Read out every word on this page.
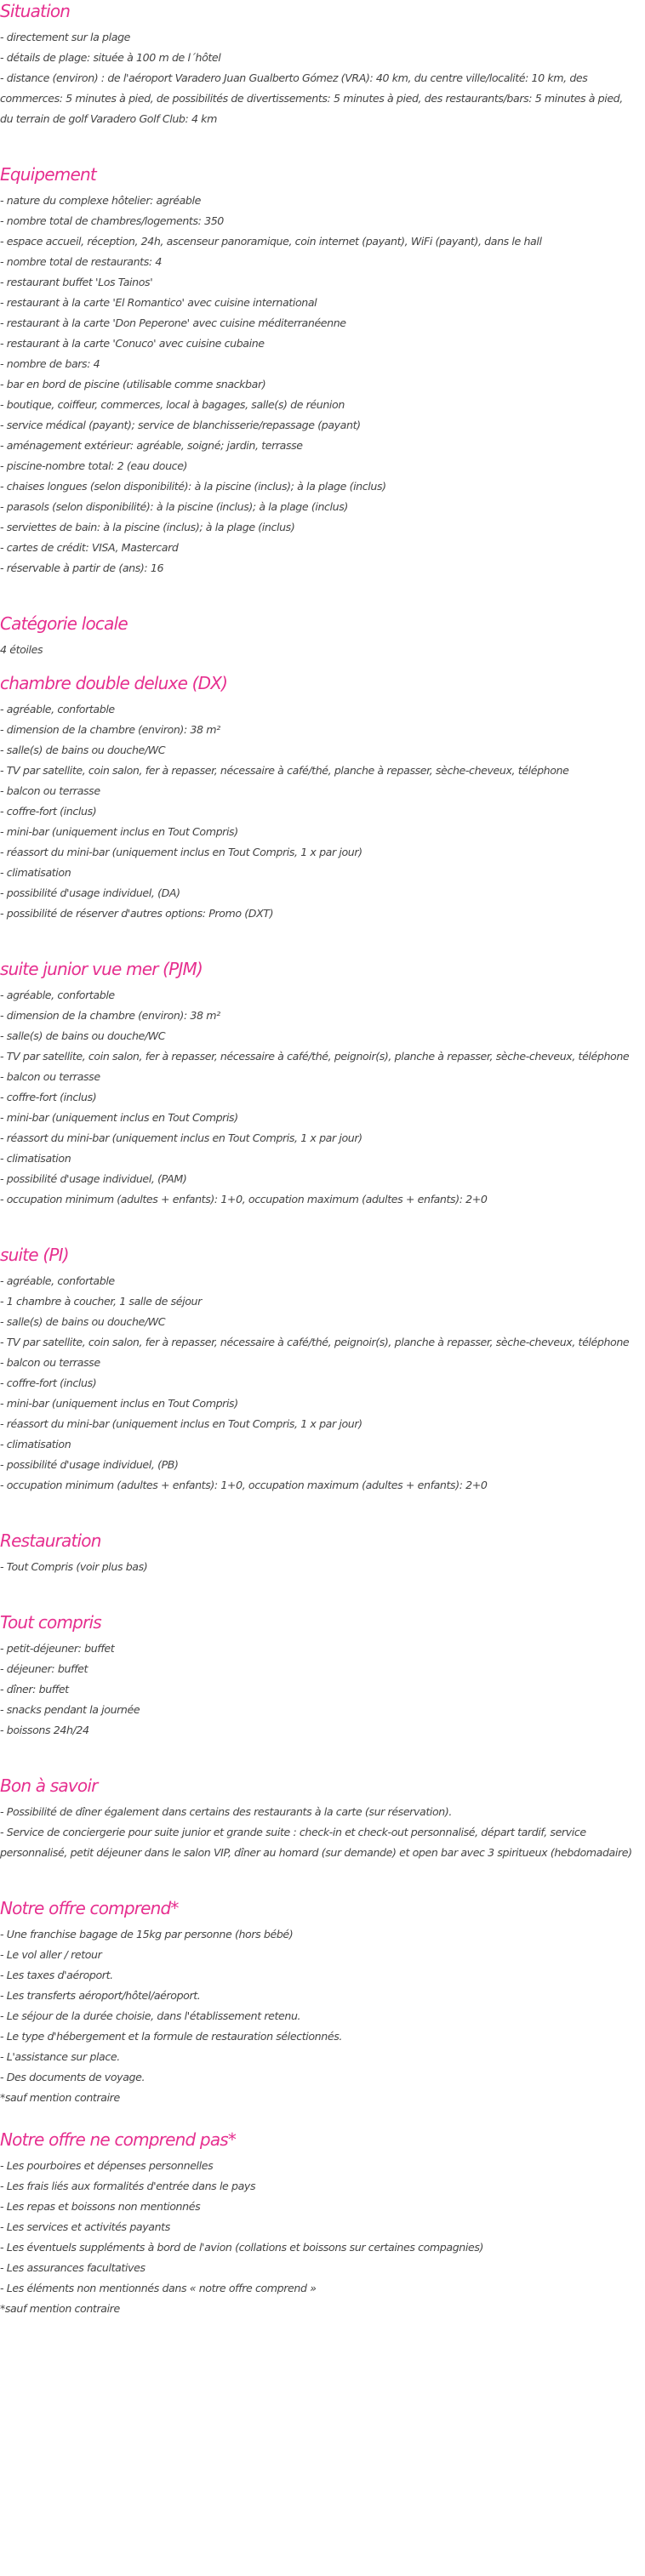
Situation
- directement sur la plage
- détails de plage: située à 100 m de l´hôtel
- distance (environ) : de l'aéroport Varadero Juan Gualberto Gómez (VRA): 40 km, du centre ville/localité: 10 km, des commerces: 5 minutes à pied, de possibilités de divertissements: 5 minutes à pied, des restaurants/bars: 5 minutes à pied, du terrain de golf Varadero Golf Club: 4 km
Equipement
- nature du complexe hôtelier: agréable
- nombre total de chambres/logements: 350
- espace accueil, réception, 24h, ascenseur panoramique, coin internet (payant), WiFi (payant), dans le hall
- nombre total de restaurants: 4
- restaurant buffet 'Los Tainos'
- restaurant à la carte 'El Romantico' avec cuisine international
- restaurant à la carte 'Don Peperone' avec cuisine méditerranéenne
- restaurant à la carte 'Conuco' avec cuisine cubaine
- nombre de bars: 4
- bar en bord de piscine (utilisable comme snackbar)
- boutique, coiffeur, commerces, local à bagages, salle(s) de réunion
- service médical (payant); service de blanchisserie/repassage (payant)
- aménagement extérieur: agréable, soigné; jardin, terrasse
- piscine-nombre total: 2 (eau douce)
- chaises longues (selon disponibilité): à la piscine (inclus); à la plage (inclus)
- parasols (selon disponibilité): à la piscine (inclus); à la plage (inclus)
- serviettes de bain: à la piscine (inclus); à la plage (inclus)
- cartes de crédit: VISA, Mastercard
- réservable à partir de (ans): 16
Catégorie locale
4 étoiles
chambre double deluxe (DX)
- agréable, confortable
- dimension de la chambre (environ): 38 m²
- salle(s) de bains ou douche/WC
- TV par satellite, coin salon, fer à repasser, nécessaire à café/thé, planche à repasser, sèche-cheveux, téléphone
- balcon ou terrasse
- coffre-fort (inclus)
- mini-bar (uniquement inclus en Tout Compris)
- réassort du mini-bar (uniquement inclus en Tout Compris, 1 x par jour)
- climatisation
- possibilité d'usage individuel, (DA)
- possibilité de réserver d'autres options: Promo (DXT)
suite junior vue mer (PJM)
- agréable, confortable
- dimension de la chambre (environ): 38 m²
- salle(s) de bains ou douche/WC
- TV par satellite, coin salon, fer à repasser, nécessaire à café/thé, peignoir(s), planche à repasser, sèche-cheveux, téléphone
- balcon ou terrasse
- coffre-fort (inclus)
- mini-bar (uniquement inclus en Tout Compris)
- réassort du mini-bar (uniquement inclus en Tout Compris, 1 x par jour)
- climatisation
- possibilité d'usage individuel, (PAM)
- occupation minimum (adultes + enfants): 1+0, occupation maximum (adultes + enfants): 2+0
suite (PI)
- agréable, confortable
- 1 chambre à coucher, 1 salle de séjour
- salle(s) de bains ou douche/WC
- TV par satellite, coin salon, fer à repasser, nécessaire à café/thé, peignoir(s), planche à repasser, sèche-cheveux, téléphone
- balcon ou terrasse
- coffre-fort (inclus)
- mini-bar (uniquement inclus en Tout Compris)
- réassort du mini-bar (uniquement inclus en Tout Compris, 1 x par jour)
- climatisation
- possibilité d'usage individuel, (PB)
- occupation minimum (adultes + enfants): 1+0, occupation maximum (adultes + enfants): 2+0
Restauration
- Tout Compris (voir plus bas)
Tout compris
- petit-déjeuner: buffet
- déjeuner: buffet
- dîner: buffet
- snacks pendant la journée
- boissons 24h/24
Bon à savoir
- Possibilité de dîner également dans certains des restaurants à la carte (sur réservation).
- Service de conciergerie pour suite junior et grande suite : check-in et check-out personnalisé, départ tardif, service personnalisé, petit déjeuner dans le salon VIP, dîner au homard (sur demande) et open bar avec 3 spiritueux (hebdomadaire)
Notre offre comprend*
- Une franchise bagage de 15kg par personne (hors bébé)
- Le vol aller / retour
- Les taxes d'aéroport.
- Les transferts aéroport/hôtel/aéroport.
- Le séjour de la durée choisie, dans l'établissement retenu.
- Le type d'hébergement et la formule de restauration sélectionnés.
- L'assistance sur place.
- Des documents de voyage.
*sauf mention contraire
Notre offre ne comprend pas*
- Les pourboires et dépenses personnelles
- Les frais liés aux formalités d'entrée dans le pays
- Les repas et boissons non mentionnés
- Les services et activités payants
- Les éventuels suppléments à bord de l'avion (collations et boissons sur certaines compagnies)
- Les assurances facultatives
- Les éléments non mentionnés dans « notre offre comprend »
*sauf mention contraire
